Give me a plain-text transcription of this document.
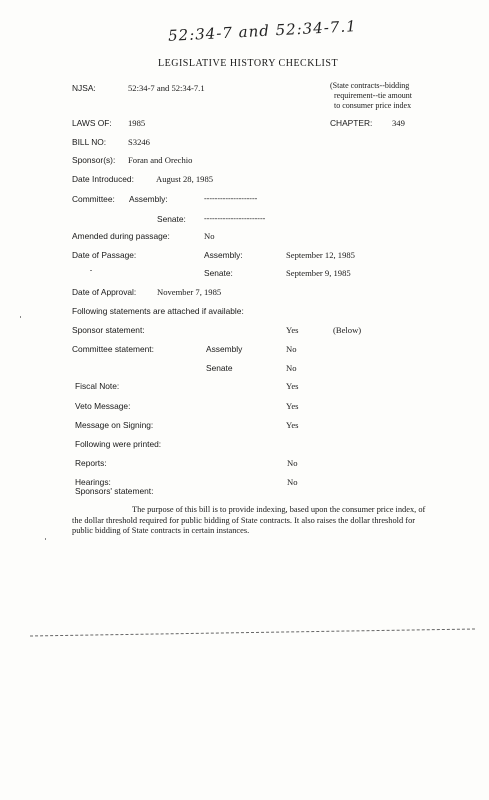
52:34-7 and 52:34-7.1
LEGISLATIVE HISTORY CHECKLIST
NJSA:	52:34-7 and 52:34-7.1	(State contracts--bidding
requirement--tie amount
to consumer price index
LAWS OF: 1985	CHAPTER: 349
BILL NO:	S3246
Sponsor(s): Foran and Orechio
Date Introduced:	August 28, 1985
Committee: Assembly:	--------------------
Senate: -----------------------
Amended during passage:	No
Date of Passage:	Assembly:	September 12, 1985
Senate:	September 9, 1985
Date of Approval: November 7, 1985
Following statements are attached if available:
Sponsor statement:	Yes	(Below)
Committee statement:	Assembly	No
Senate	No
Fiscal Note:	Yes
Veto Message:	Yes
Message on Signing:	Yes
Following were printed:
Reports:	No
Hearings:	No
Sponsors' statement:
The purpose of this bill is to provide indexing, based upon the consumer price index, of the dollar threshold required for public bidding of State contracts. It also raises the dollar threshold for public bidding of State contracts in certain instances.
